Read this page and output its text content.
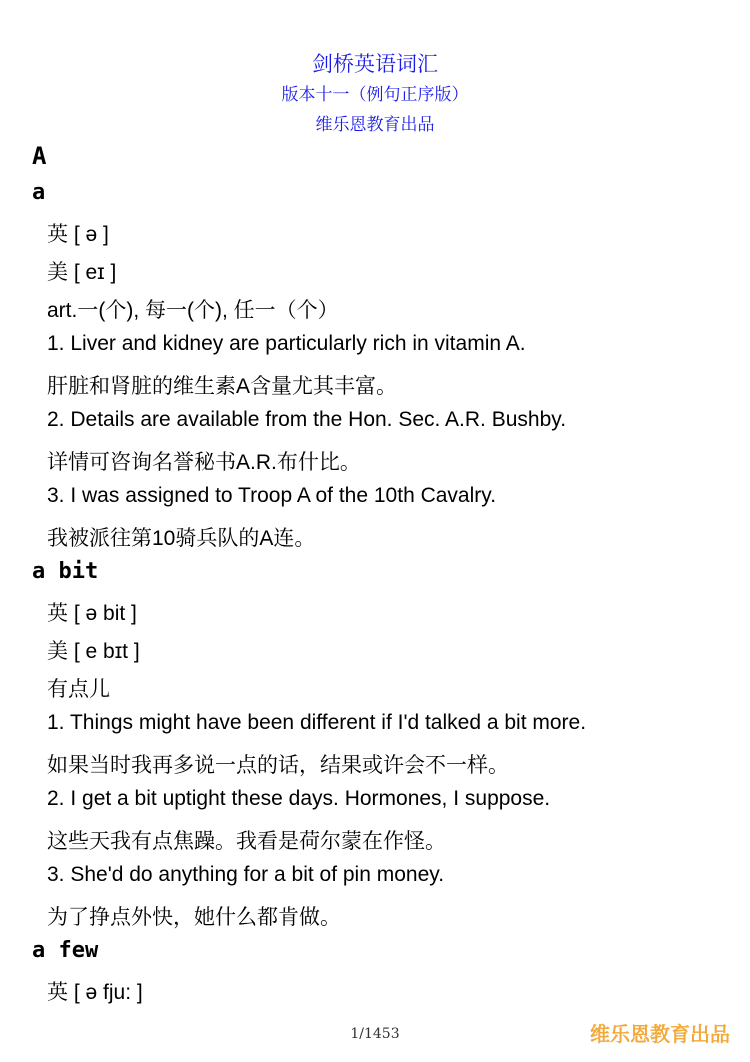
剑桥英语词汇
版本十一（例句正序版）
维乐恩教育出品
A
a
英 [ ə ]
美 [ eɪ ]
art.一(个), 每一(个), 任一（个）
1. Liver and kidney are particularly rich in vitamin A.
肝脏和肾脏的维生素A含量尤其丰富。
2. Details are available from the Hon. Sec. A.R. Bushby.
详情可咨询名誉秘书A.R.布什比。
3. I was assigned to Troop A of the 10th Cavalry.
我被派往第10骑兵队的A连。
a bit
英 [ ə bit ]
美 [ e bɪt ]
有点儿
1. Things might have been different if I'd talked a bit more.
如果当时我再多说一点的话，结果或许会不一样。
2. I get a bit uptight these days. Hormones, I suppose.
这些天我有点焦躁。我看是荷尔蒙在作怪。
3. She'd do anything for a bit of pin money.
为了挣点外快，她什么都肯做。
a few
英 [ ə fju: ]
1/1453	维乐恩教育出品
